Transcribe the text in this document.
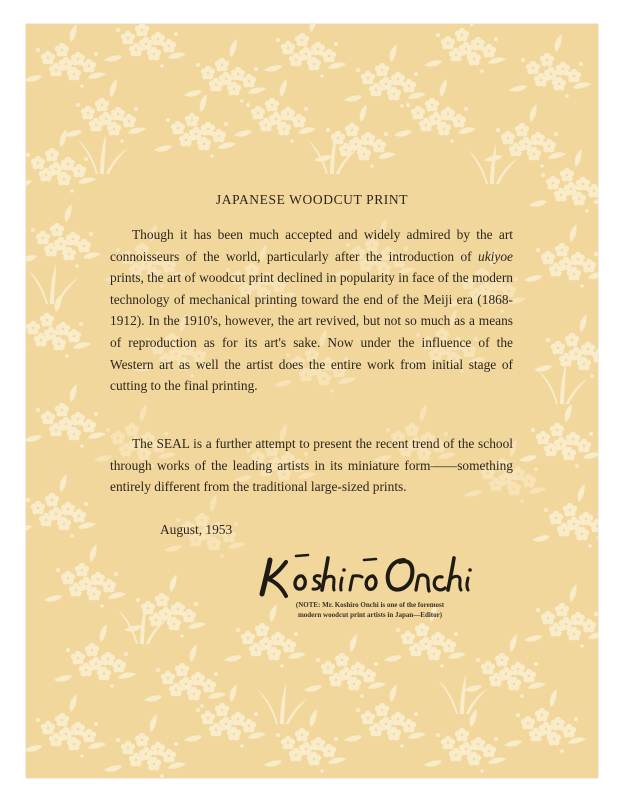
JAPANESE WOODCUT PRINT

Though it has been much accepted and widely admired by the art connoisseurs of the world, particularly after the introduction of ukiyoe prints, the art of woodcut print declined in popularity in face of the modern technology of mechanical printing toward the end of the Meiji era (1868-1912). In the 1910's, however, the art revived, but not so much as a means of reproduction as for its art's sake. Now under the influence of the Western art as well the artist does the entire work from initial stage of cutting to the final printing.

The SEAL is a further attempt to present the recent trend of the school through works of the leading artists in its miniature form——something entirely different from the traditional large-sized prints.

August, 1953
(NOTE: Mr. Koshiro Onchi is one of the foremost
modern woodcut print artists in Japan—Editor)
